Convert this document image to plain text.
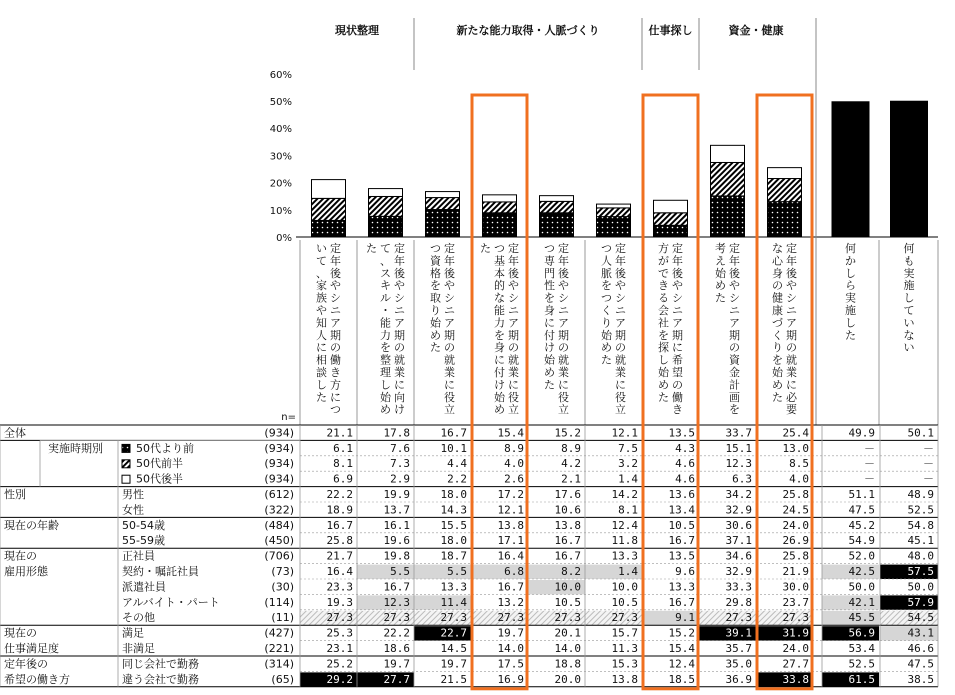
60%
50%
40%
30%
20%
10%
0%
現状整理	新たな能力取得・人脈づくり	仕事探し	資金・健康
定
年
後
や
シ
ニ
ア
期
の
働
き
方
に
つ
い
て
、
家
族
や
知
人
に
相
談
し
た
定
年
後
や
シ
ニ
ア
期
の
就
業
に
向
け
て
、
ス
キ
ル
・
能
力
を
整
理
し
始
め
た	定
年
後
や
シ
ニ
ア
期
の
就
業
に
役
立
つ
資
格
を
取
り
始
め
た
定
年
後
や
シ
ニ
ア
期
の
就
業
に
役
立
つ
基
本
的
な
能
力
を
身
に
付
け
始
め
た	定
年
後
や
シ
ニ
ア
期
の
就
業
に
役
立
つ
専
門
性
を
身
に
付
け
始
め
た
定
年
後
や
シ
ニ
ア
期
の
就
業
に
役
立
つ
人
脈
を
つ
く
り
始
め
た
定
年
後
や
シ
ニ
ア
期
に
希
望
の
働
き
方
が
で
き
る
会
社
を
探
し
始
め
た
定
年
後
や
シ
ニ
ア
期
の
資
金
計
画
を
考
え
始
め
た
定
年
後
や
シ
ニ
ア
期
の
就
業
に
必
要
な
心
身
の
健
康
づ
く
り
を
始
め
た
何
か
し
ら
実
施
し
た
何
も
実
施
し
て
い
な
い
n=
全体	(934)	21.1	17.8	16.7	15.4	15.2	12.1	13.5	33.7	25.4	49.9	50.1
実施時期別	50代より前	(934)	6.1	7.6	10.1	8.9	8.9	7.5	4.3	15.1	13.0	－	－
50代前半	(934)	8.1	7.3	4.4	4.0	4.2	3.2	4.6	12.3	8.5	－	－
50代後半	(934)	6.9	2.9	2.2	2.6	2.1	1.4	4.6	6.3	4.0	－	－
性別	男性	(612)	22.2	19.9	18.0	17.2	17.6	14.2	13.6	34.2	25.8	51.1	48.9
女性	(322)	18.9	13.7	14.3	12.1	10.6	8.1	13.4	32.9	24.5	47.5	52.5
現在の年齢	50-54歳	(484)	16.7	16.1	15.5	13.8	13.8	12.4	10.5	30.6	24.0	45.2	54.8
55-59歳	(450)	25.8	19.6	18.0	17.1	16.7	11.8	16.7	37.1	26.9	54.9	45.1
現在の	正社員	(706)	21.7	19.8	18.7	16.4	16.7	13.3	13.5	34.6	25.8	52.0	48.0
雇用形態	契約・嘱託社員	(73)	16.4	5.5	5.5	6.8	8.2	1.4	9.6	32.9	21.9	42.5	57.5
派遣社員	(30)	23.3	16.7	13.3	16.7	10.0	10.0	13.3	33.3	30.0	50.0	50.0
アルバイト・パート	(114)	19.3	12.3	11.4	13.2	10.5	10.5	16.7	29.8	23.7	42.1	57.9
その他	(11)	27.3	27.3	27.3	27.3	27.3	27.3	9.1	27.3	27.3	45.5	54.5
現在の	満足	(427)	25.3	22.2	22.7	19.7	20.1	15.7	15.2	39.1	31.9	56.9	43.1
仕事満足度	非満足	(221)	23.1	18.6	14.5	14.0	14.0	11.3	15.4	35.7	24.0	53.4	46.6
定年後の	同じ会社で勤務	(314)	25.2	19.7	19.7	17.5	18.8	15.3	12.4	35.0	27.7	52.5	47.5
希望の働き方	違う会社で勤務	(65)	29.2	27.7	21.5	16.9	20.0	13.8	18.5	36.9	33.8	61.5	38.5
